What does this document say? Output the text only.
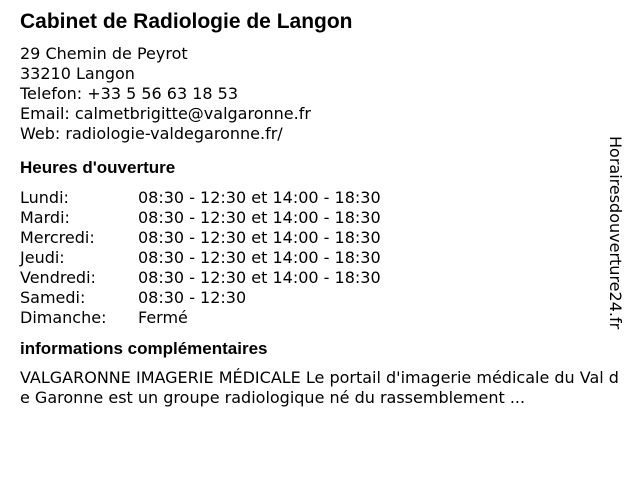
Cabinet de Radiologie de Langon
29 Chemin de Peyrot
33210 Langon
Telefon: +33 5 56 63 18 53
Email: calmetbrigitte@valgaronne.fr
Web: radiologie-valdegaronne.fr/
Heures d'ouverture
Lundi:	08:30 - 12:30 et 14:00 - 18:30
Mardi:	08:30 - 12:30 et 14:00 - 18:30
Mercredi:	08:30 - 12:30 et 14:00 - 18:30
Jeudi:	08:30 - 12:30 et 14:00 - 18:30
Vendredi:	08:30 - 12:30 et 14:00 - 18:30
Samedi:	08:30 - 12:30
Dimanche:	Fermé
informations complémentaires
VALGARONNE IMAGERIE MÉDICALE Le portail d'imagerie médicale du Val de Garonne est un groupe radiologique né du rassemblement ...
Horairesdouverture24.fr
